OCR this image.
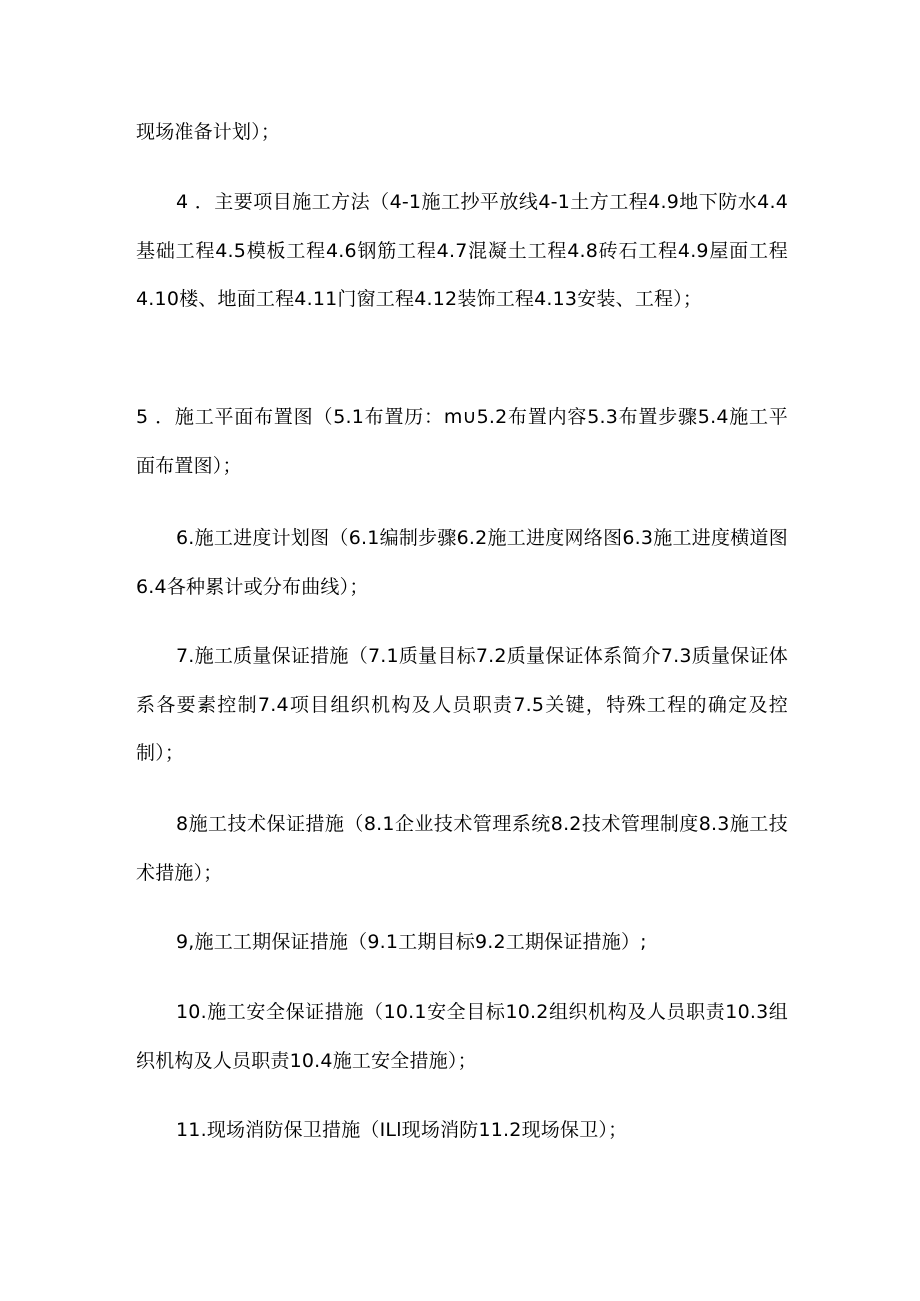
现场准备计划）；

4 ．主要项目施工方法（4-1施工抄平放线4-1土方工程4.9地下防水4.4基础工程4.5模板工程4.6钢筋工程4.7混凝土工程4.8砖石工程4.9屋面工程4.10楼、地面工程4.11门窗工程4.12装饰工程4.13安装、工程）；

5 ．施工平面布置图（5.1布置历：m∪5.2布置内容5.3布置步骤5.4施工平面布置图）；

6.施工进度计划图（6.1编制步骤6.2施工进度网络图6.3施工进度横道图6.4各种累计或分布曲线）；

7.施工质量保证措施（7.1质量目标7.2质量保证体系简介7.3质量保证体系各要素控制7.4项目组织机构及人员职责7.5关键，特殊工程的确定及控制）；

8施工技术保证措施（8.1企业技术管理系统8.2技术管理制度8.3施工技术措施）；

9,施工工期保证措施（9.1工期目标9.2工期保证措施）;

10.施工安全保证措施（10.1安全目标10.2组织机构及人员职责10.3组织机构及人员职责10.4施工安全措施）；

11.现场消防保卫措施（ILl现场消防11.2现场保卫）；
